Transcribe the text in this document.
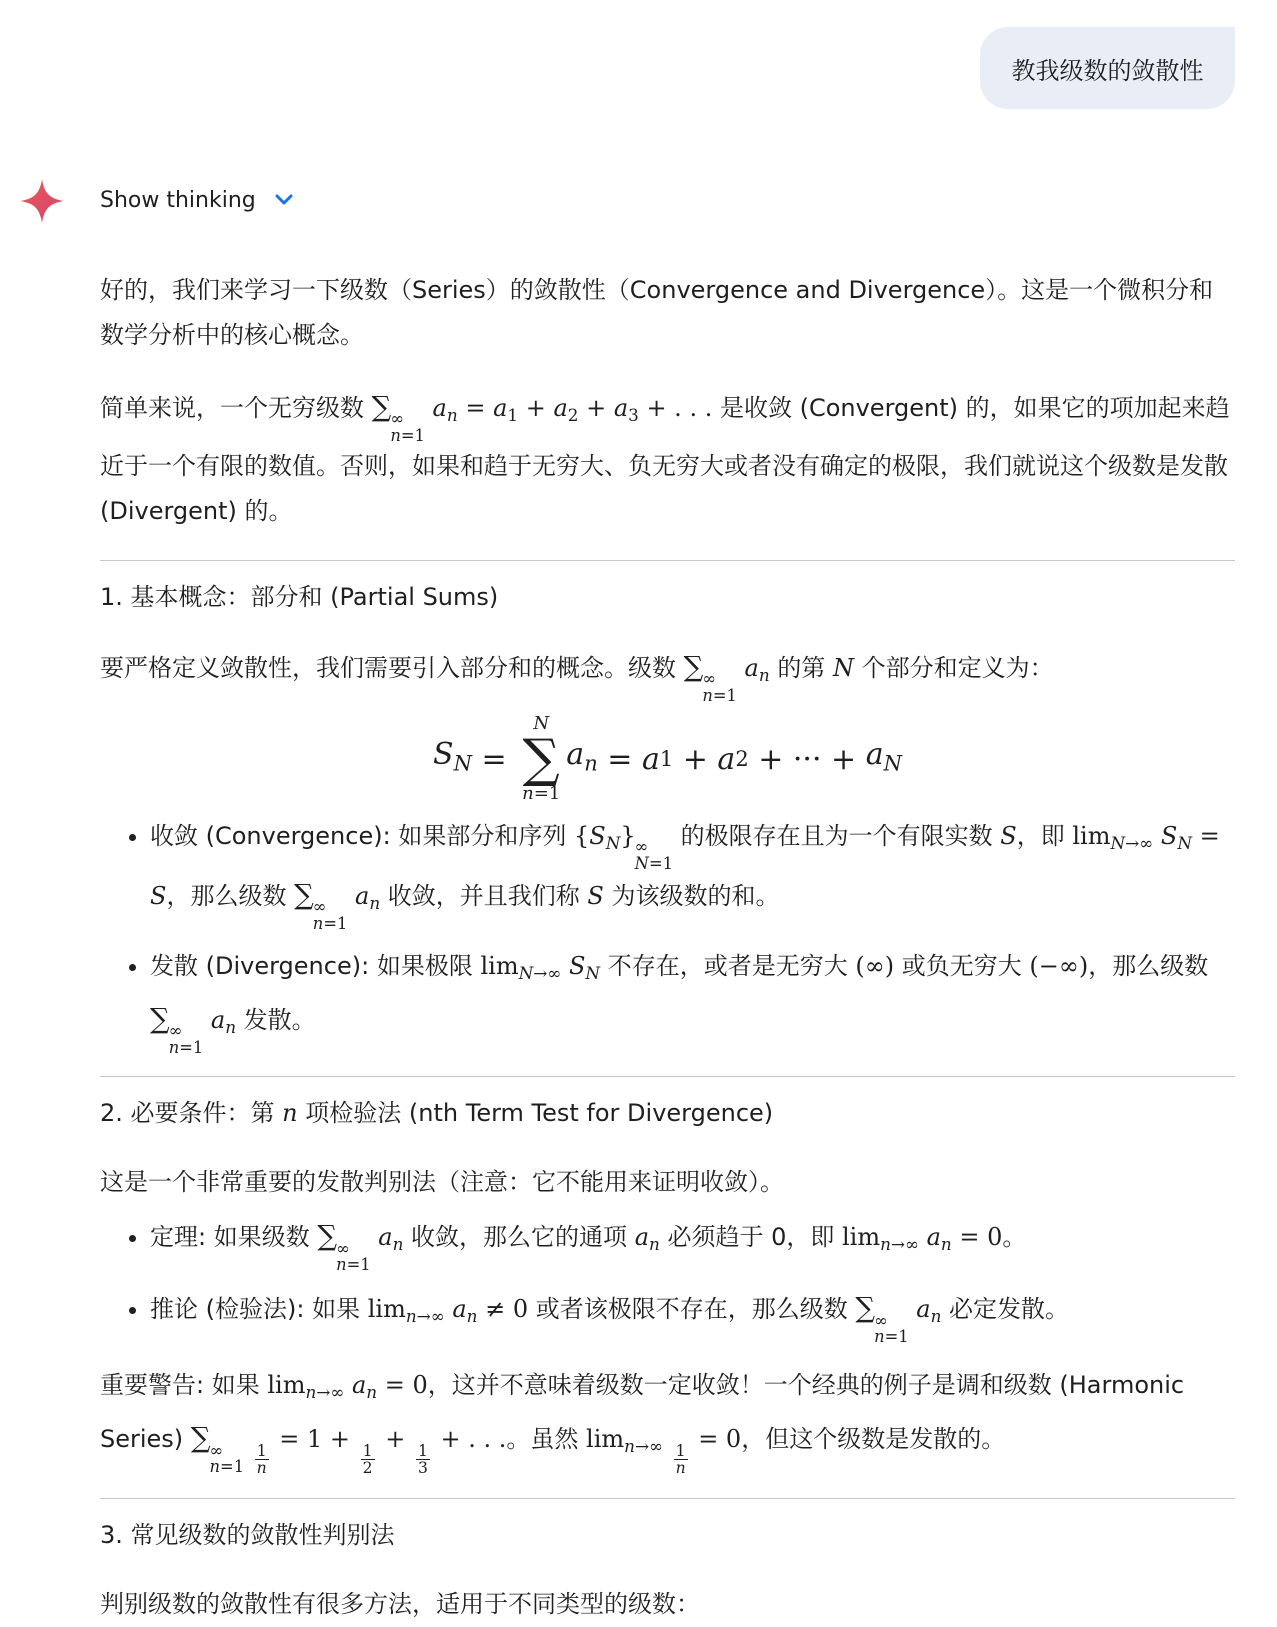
教我级数的敛散性
Show thinking

好的，我们来学习一下级数（Series）的敛散性（Convergence and Divergence）。这是一个微积分和数学分析中的核心概念。

简单来说，一个无穷级数 ∑ ∞
n=1
$a_n = a_1 + a_2 + a_3$ + . . . 是收敛 (Convergent) 的，如果它的项加起来趋近于一个有限的数值。否则，如果和趋于无穷大、负无穷大或者没有确定的极限，我们就说这个级数是发散 (Divergent) 的。

1. 基本概念：部分和 (Partial Sums)

要严格定义敛散性，我们需要引入部分和的概念。级数 ∑ ∞
n=1
$a_n$ 的第 N 个部分和定义为：

$S_N$ =
N
∑
n=1
$a_n = a$ 1 + a 2 + ··· + $a_N$
• 收敛 (Convergence): 如果部分和序列 $\{S_N\}$ ∞
N=1
的极限存在且为一个有限实数 S，即 $\lim_{N\to\infty} S_N = S$，那么级数 ∑ ∞
n=1
$a_n$ 收敛，并且我们称 S 为该级数的和。
• 发散 (Divergence): 如果极限 $\lim_{N\to\infty} S_N$ 不存在，或者是无穷大 (∞) 或负无穷大 (−∞)，那么级数 ∑ ∞
n=1
$a_n$ 发散。
2. 必要条件：第 n 项检验法 (nth Term Test for Divergence)

这是一个非常重要的发散判别法（注意：它不能用来证明收敛）。

• 定理: 如果级数 ∑ ∞
n=1
$a_n$ 收敛，那么它的通项 $a_n$ 必须趋于 0，即 $\lim_{n\to\infty} a_n = 0$。
• 推论 (检验法): 如果 $\lim_{n\to\infty} a_n \ne 0$ 或者该极限不存在，那么级数 ∑ ∞
n=1
$a_n$ 必定发散。

重要警告: 如果 $\lim_{n\to\infty} a_n = 0$，这并不意味着级数一定收敛！一个经典的例子是调和级数 (Harmonic Series) ∑ ∞
n=1
$\frac{1}{n}$
= 1 +
$\frac{1}{2}$
+
$\frac{1}{3}$
+ . . .。虽然 $\lim_{n\to\infty} \frac{1}{n}$
= 0，但这个级数是发散的。

3. 常见级数的敛散性判别法

判别级数的敛散性有很多方法，适用于不同类型的级数：
